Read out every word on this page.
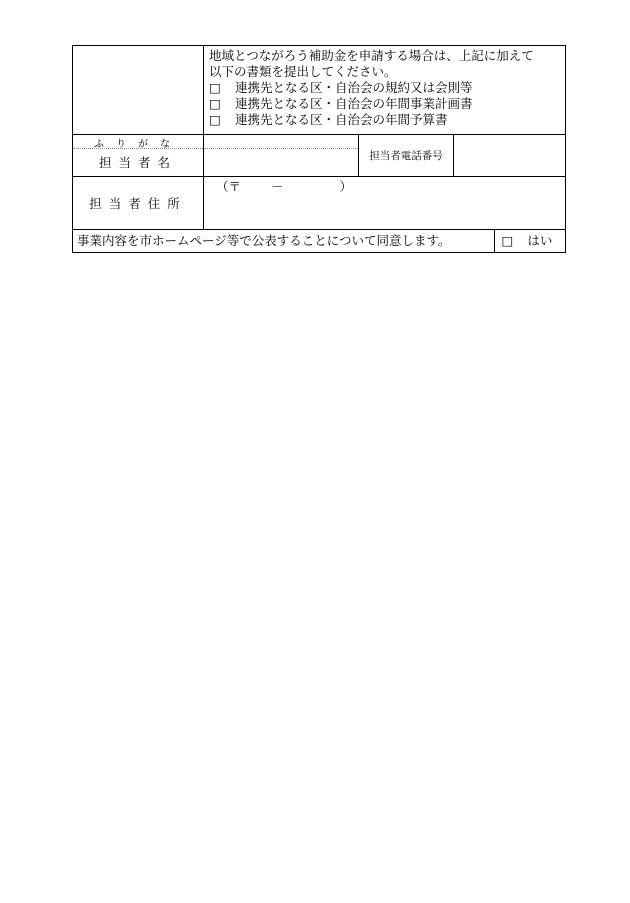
	地域とつながろう補助金を申請する場合は、上記に加えて
以下の書類を提出してください。
□ 連携先となる区・自治会の規約又は会則等
□ 連携先となる区・自治会の年間事業計画書
□ 連携先となる区・自治会の年間予算書		

ふりがな
担当者名		担当者電話番号	
担当者住所	（〒 － ）		

事業内容を市ホームページ等で公表することについて同意します。			□ はい
